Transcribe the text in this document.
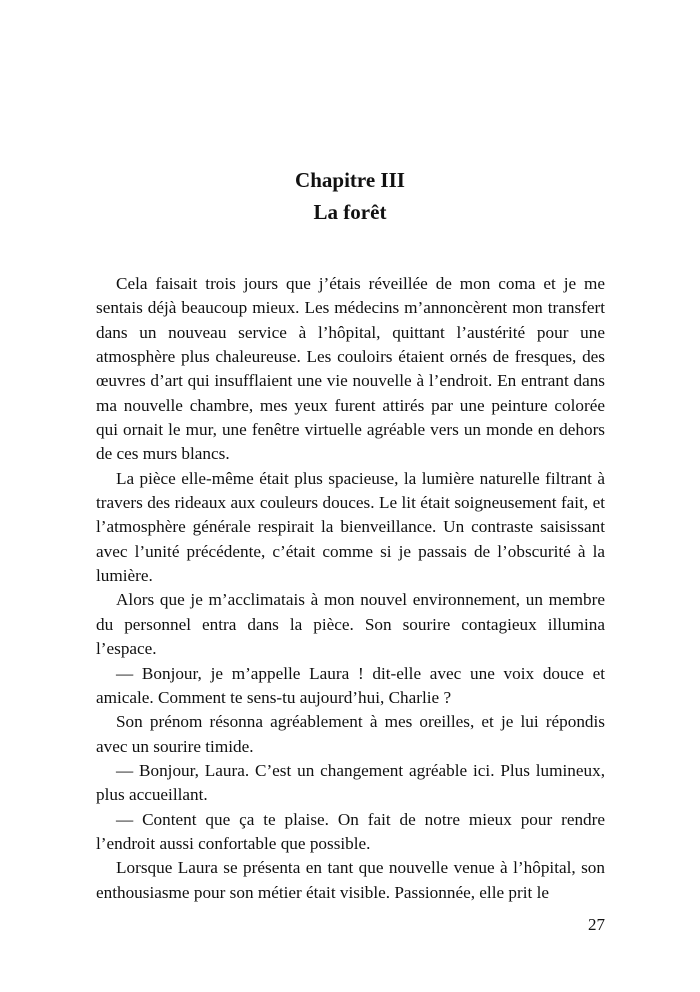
Chapitre III
La forêt

Cela faisait trois jours que j’étais réveillée de mon coma et je me sentais déjà beaucoup mieux. Les médecins m’annoncèrent mon transfert dans un nouveau service à l’hôpital, quittant l’austérité pour une atmosphère plus chaleureuse. Les couloirs étaient ornés de fresques, des œuvres d’art qui insufflaient une vie nouvelle à l’endroit. En entrant dans ma nouvelle chambre, mes yeux furent attirés par une peinture colorée qui ornait le mur, une fenêtre virtuelle agréable vers un monde en dehors de ces murs blancs.

La pièce elle-même était plus spacieuse, la lumière naturelle filtrant à travers des rideaux aux couleurs douces. Le lit était soigneusement fait, et l’atmosphère générale respirait la bienveillance. Un contraste saisissant avec l’unité précédente, c’était comme si je passais de l’obscurité à la lumière.

Alors que je m’acclimatais à mon nouvel environnement, un membre du personnel entra dans la pièce. Son sourire contagieux illumina l’espace.

— Bonjour, je m’appelle Laura ! dit-elle avec une voix douce et amicale. Comment te sens-tu aujourd’hui, Charlie ?

Son prénom résonna agréablement à mes oreilles, et je lui répondis avec un sourire timide.

— Bonjour, Laura. C’est un changement agréable ici. Plus lumineux, plus accueillant.

— Content que ça te plaise. On fait de notre mieux pour rendre l’endroit aussi confortable que possible.

Lorsque Laura se présenta en tant que nouvelle venue à l’hôpital, son enthousiasme pour son métier était visible. Passionnée, elle prit le

27
